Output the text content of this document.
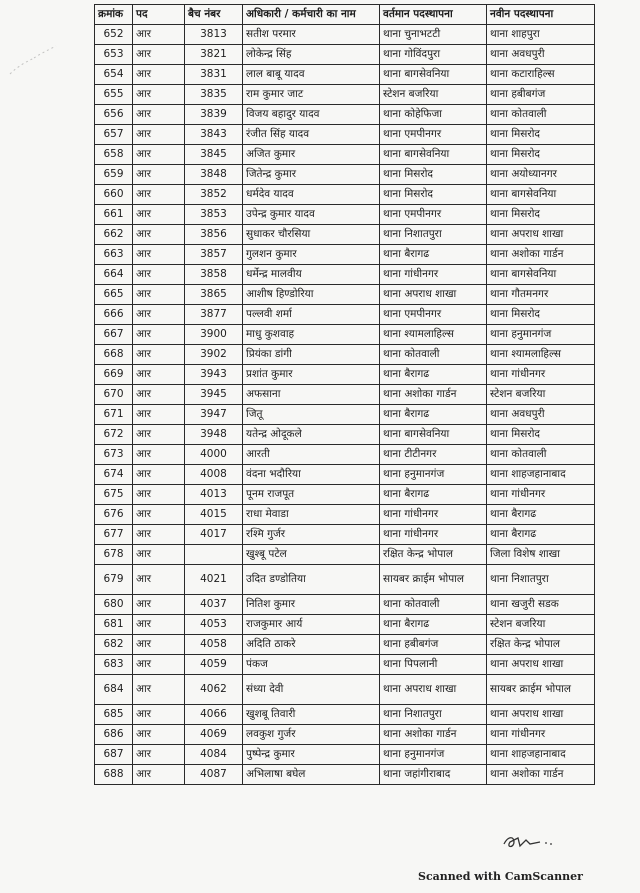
क्रमांक	पद	बैच नंबर	अधिकारी / कर्मचारी का नाम	वर्तमान पदस्थापना	नवीन पदस्थापना
652	आर	3813	सतीश परमार	थाना चुनाभटटी	थाना शाहपुरा
653	आर	3821	लोकेन्द्र सिंह	थाना गोविंदपुरा	थाना अवधपुरी
654	आर	3831	लाल बाबू यादव	थाना बागसेवनिया	थाना कटाराहिल्स
655	आर	3835	राम कुमार जाट	स्टेशन बजरिया	थाना हबीबगंज
656	आर	3839	विजय बहादुर यादव	थाना कोहेफिजा	थाना कोतवाली
657	आर	3843	रंजीत सिंह यादव	थाना एमपीनगर	थाना मिसरोद
658	आर	3845	अजित कुमार	थाना बागसेवनिया	थाना मिसरोद
659	आर	3848	जितेन्द्र कुमार	थाना मिसरोद	थाना अयोध्यानगर
660	आर	3852	धर्मदेव यादव	थाना मिसरोद	थाना बागसेवनिया
661	आर	3853	उपेन्द्र कुमार यादव	थाना एमपीनगर	थाना मिसरोद
662	आर	3856	सुधाकर चौरसिया	थाना निशातपुरा	थाना अपराध शाखा
663	आर	3857	गुलशन कुमार	थाना बैरागढ	थाना अशोका गार्डन
664	आर	3858	धर्मेन्द्र मालवीय	थाना गांधीनगर	थाना बागसेवनिया
665	आर	3865	आशीष हिण्डोरिया	थाना अपराध शाखा	थाना गौतमनगर
666	आर	3877	पल्लवी शर्मा	थाना एमपीनगर	थाना मिसरोद
667	आर	3900	माधु कुशवाह	थाना श्यामलाहिल्स	थाना हनुमानगंज
668	आर	3902	प्रियंका डांगी	थाना कोतवाली	थाना श्यामलाहिल्स
669	आर	3943	प्रशांत कुमार	थाना बैरागढ	थाना गांधीनगर
670	आर	3945	अफसाना	थाना अशोका गार्डन	स्टेशन बजरिया
671	आर	3947	जितू	थाना बैरागढ	थाना अवधपुरी
672	आर	3948	यतेन्द्र ओदूकले	थाना बागसेवनिया	थाना मिसरोद
673	आर	4000	आरती	थाना टीटीनगर	थाना कोतवाली
674	आर	4008	वंदना भदौरिया	थाना हनुमानगंज	थाना शाहजहानाबाद
675	आर	4013	पूनम राजपूत	थाना बैरागढ	थाना गांधीनगर
676	आर	4015	राधा मेवाडा	थाना गांधीनगर	थाना बैरागढ
677	आर	4017	रश्मि गुर्जर	थाना गांधीनगर	थाना बैरागढ
678	आर		खुश्बू पटेल	रक्षित केन्द्र भोपाल	जिला विशेष शाखा
679	आर	4021	उदित डण्डोतिया	सायबर क्राईम भोपाल	थाना निशातपुरा
680	आर	4037	नितिश कुमार	थाना कोतवाली	थाना खजुरी सडक
681	आर	4053	राजकुमार आर्य	थाना बैरागढ	स्टेशन बजरिया
682	आर	4058	अदिति ठाकरे	थाना हबीबगंज	रक्षित केन्द्र भोपाल
683	आर	4059	पंकज	थाना पिपलानी	थाना अपराध शाखा
684	आर	4062	संध्या देवी	थाना अपराध शाखा	सायबर क्राईम भोपाल
685	आर	4066	खुशबू तिवारी	थाना निशातपुरा	थाना अपराध शाखा
686	आर	4069	लवकुश गुर्जर	थाना अशोका गार्डन	थाना गांधीनगर
687	आर	4084	पुष्पेन्द्र कुमार	थाना हनुमानगंज	थाना शाहजहानाबाद
688	आर	4087	अभिलाषा बघेल	थाना जहांगीराबाद	थाना अशोका गार्डन
Scanned with CamScanner
